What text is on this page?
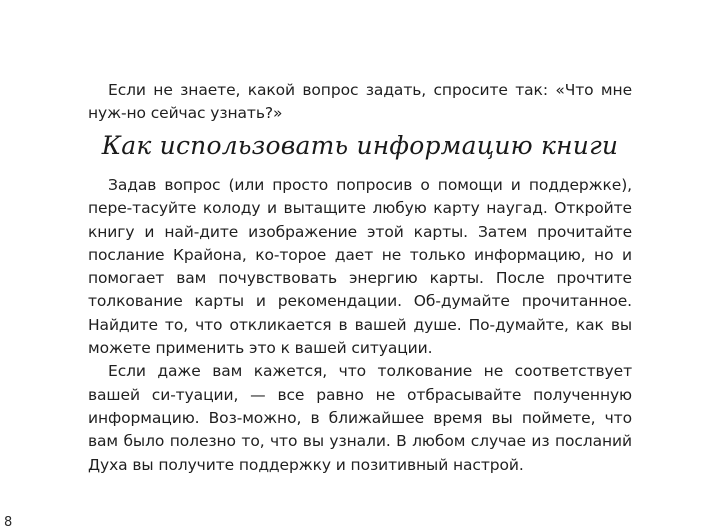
Если не знаете, какой вопрос задать, спросите так: «Что мне нуж-но сейчас узнать?»

Как использовать информацию книги

Задав вопрос (или просто попросив о помощи и поддержке), пере-тасуйте колоду и вытащите любую карту наугад. Откройте книгу и най-дите изображение этой карты. Затем прочитайте послание Крайона, ко-торое дает не только информацию, но и помогает вам почувствовать энергию карты. После прочтите толкование карты и рекомендации. Об-думайте прочитанное. Найдите то, что откликается в вашей душе. По-думайте, как вы можете применить это к вашей ситуации.

Если даже вам кажется, что толкование не соответствует вашей си-туации, — все равно не отбрасывайте полученную информацию. Воз-можно, в ближайшее время вы поймете, что вам было полезно то, что вы узнали. В любом случае из посланий Духа вы получите поддержку и позитивный настрой.

8
